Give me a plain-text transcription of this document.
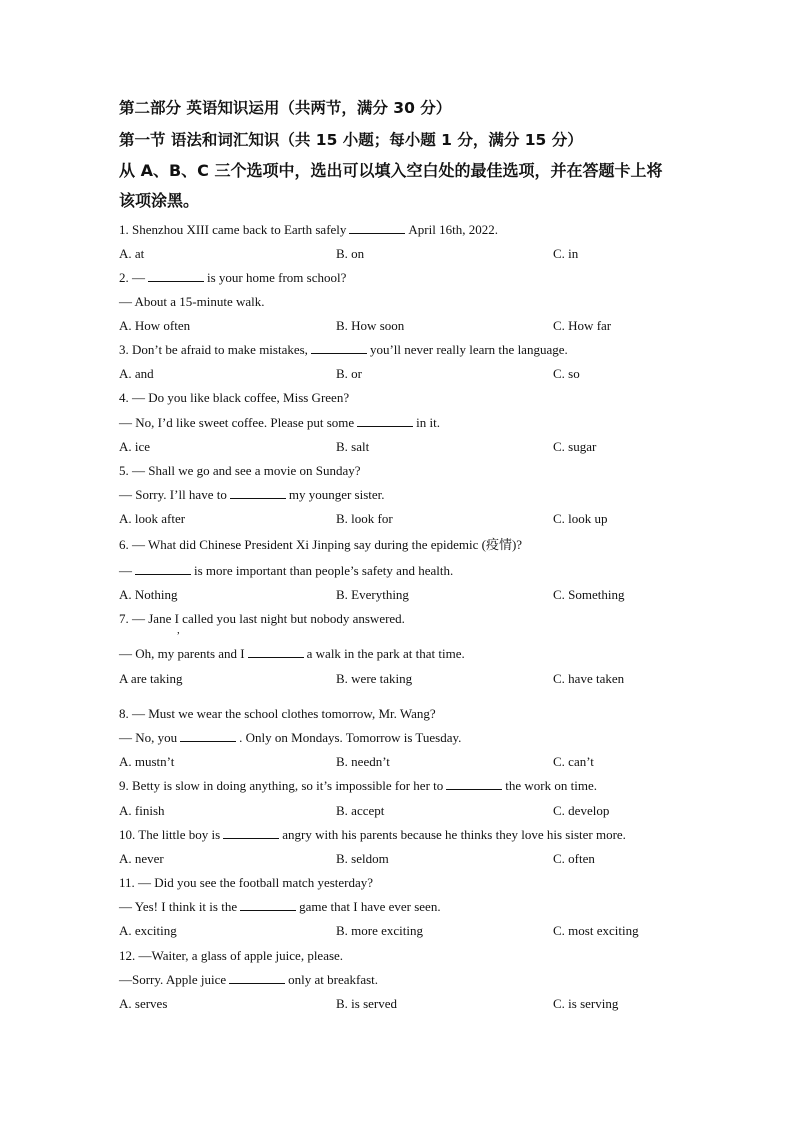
第二部分 英语知识运用（共两节，满分 30 分）
第一节 语法和词汇知识（共 15 小题；每小题 1 分，满分 15 分）
从 A、B、C 三个选项中，选出可以填入空白处的最佳选项，并在答题卡上将
该项涂黑。
1. Shenzhou XIII came back to Earth safely	April 16th, 2022.
A. at	B. on	C. in
2. —	is your home from school?
— About a 15-minute walk.
A. How often	B. How soon	C. How far
3. Don’t be afraid to make mistakes,	you’ll never really learn the language.
A. and	B. or	C. so
4. — Do you like black coffee, Miss Green?
— No, I’d like sweet coffee. Please put some	in it.
A. ice	B. salt	C. sugar
5. — Shall we go and see a movie on Sunday?
— Sorry. I’ll have to	my younger sister.
A. look after	B. look for	C. look up
6. — What did Chinese President Xi Jinping say during the epidemic (疫情)?
—	is more important than people’s safety and health.
A. Nothing	B. Everything	C. Something
7. — Jane I called you last night but nobody answered.
,
— Oh, my parents and I	a walk in the park at that time.
A are taking	B. were taking	C. have taken
8. — Must we wear the school clothes tomorrow, Mr. Wang?
— No, you	. Only on Mondays. Tomorrow is Tuesday.
A. mustn’t	B. needn’t	C. can’t
9. Betty is slow in doing anything, so it’s impossible for her to	the work on time.
A. finish	B. accept	C. develop
10. The little boy is	angry with his parents because he thinks they love his sister more.
A. never	B. seldom	C. often
11. — Did you see the football match yesterday?
— Yes! I think it is the	game that I have ever seen.
A. exciting	B. more exciting	C. most exciting
12. —Waiter, a glass of apple juice, please.
—Sorry. Apple juice	only at breakfast.
A. serves	B. is served	C. is serving
